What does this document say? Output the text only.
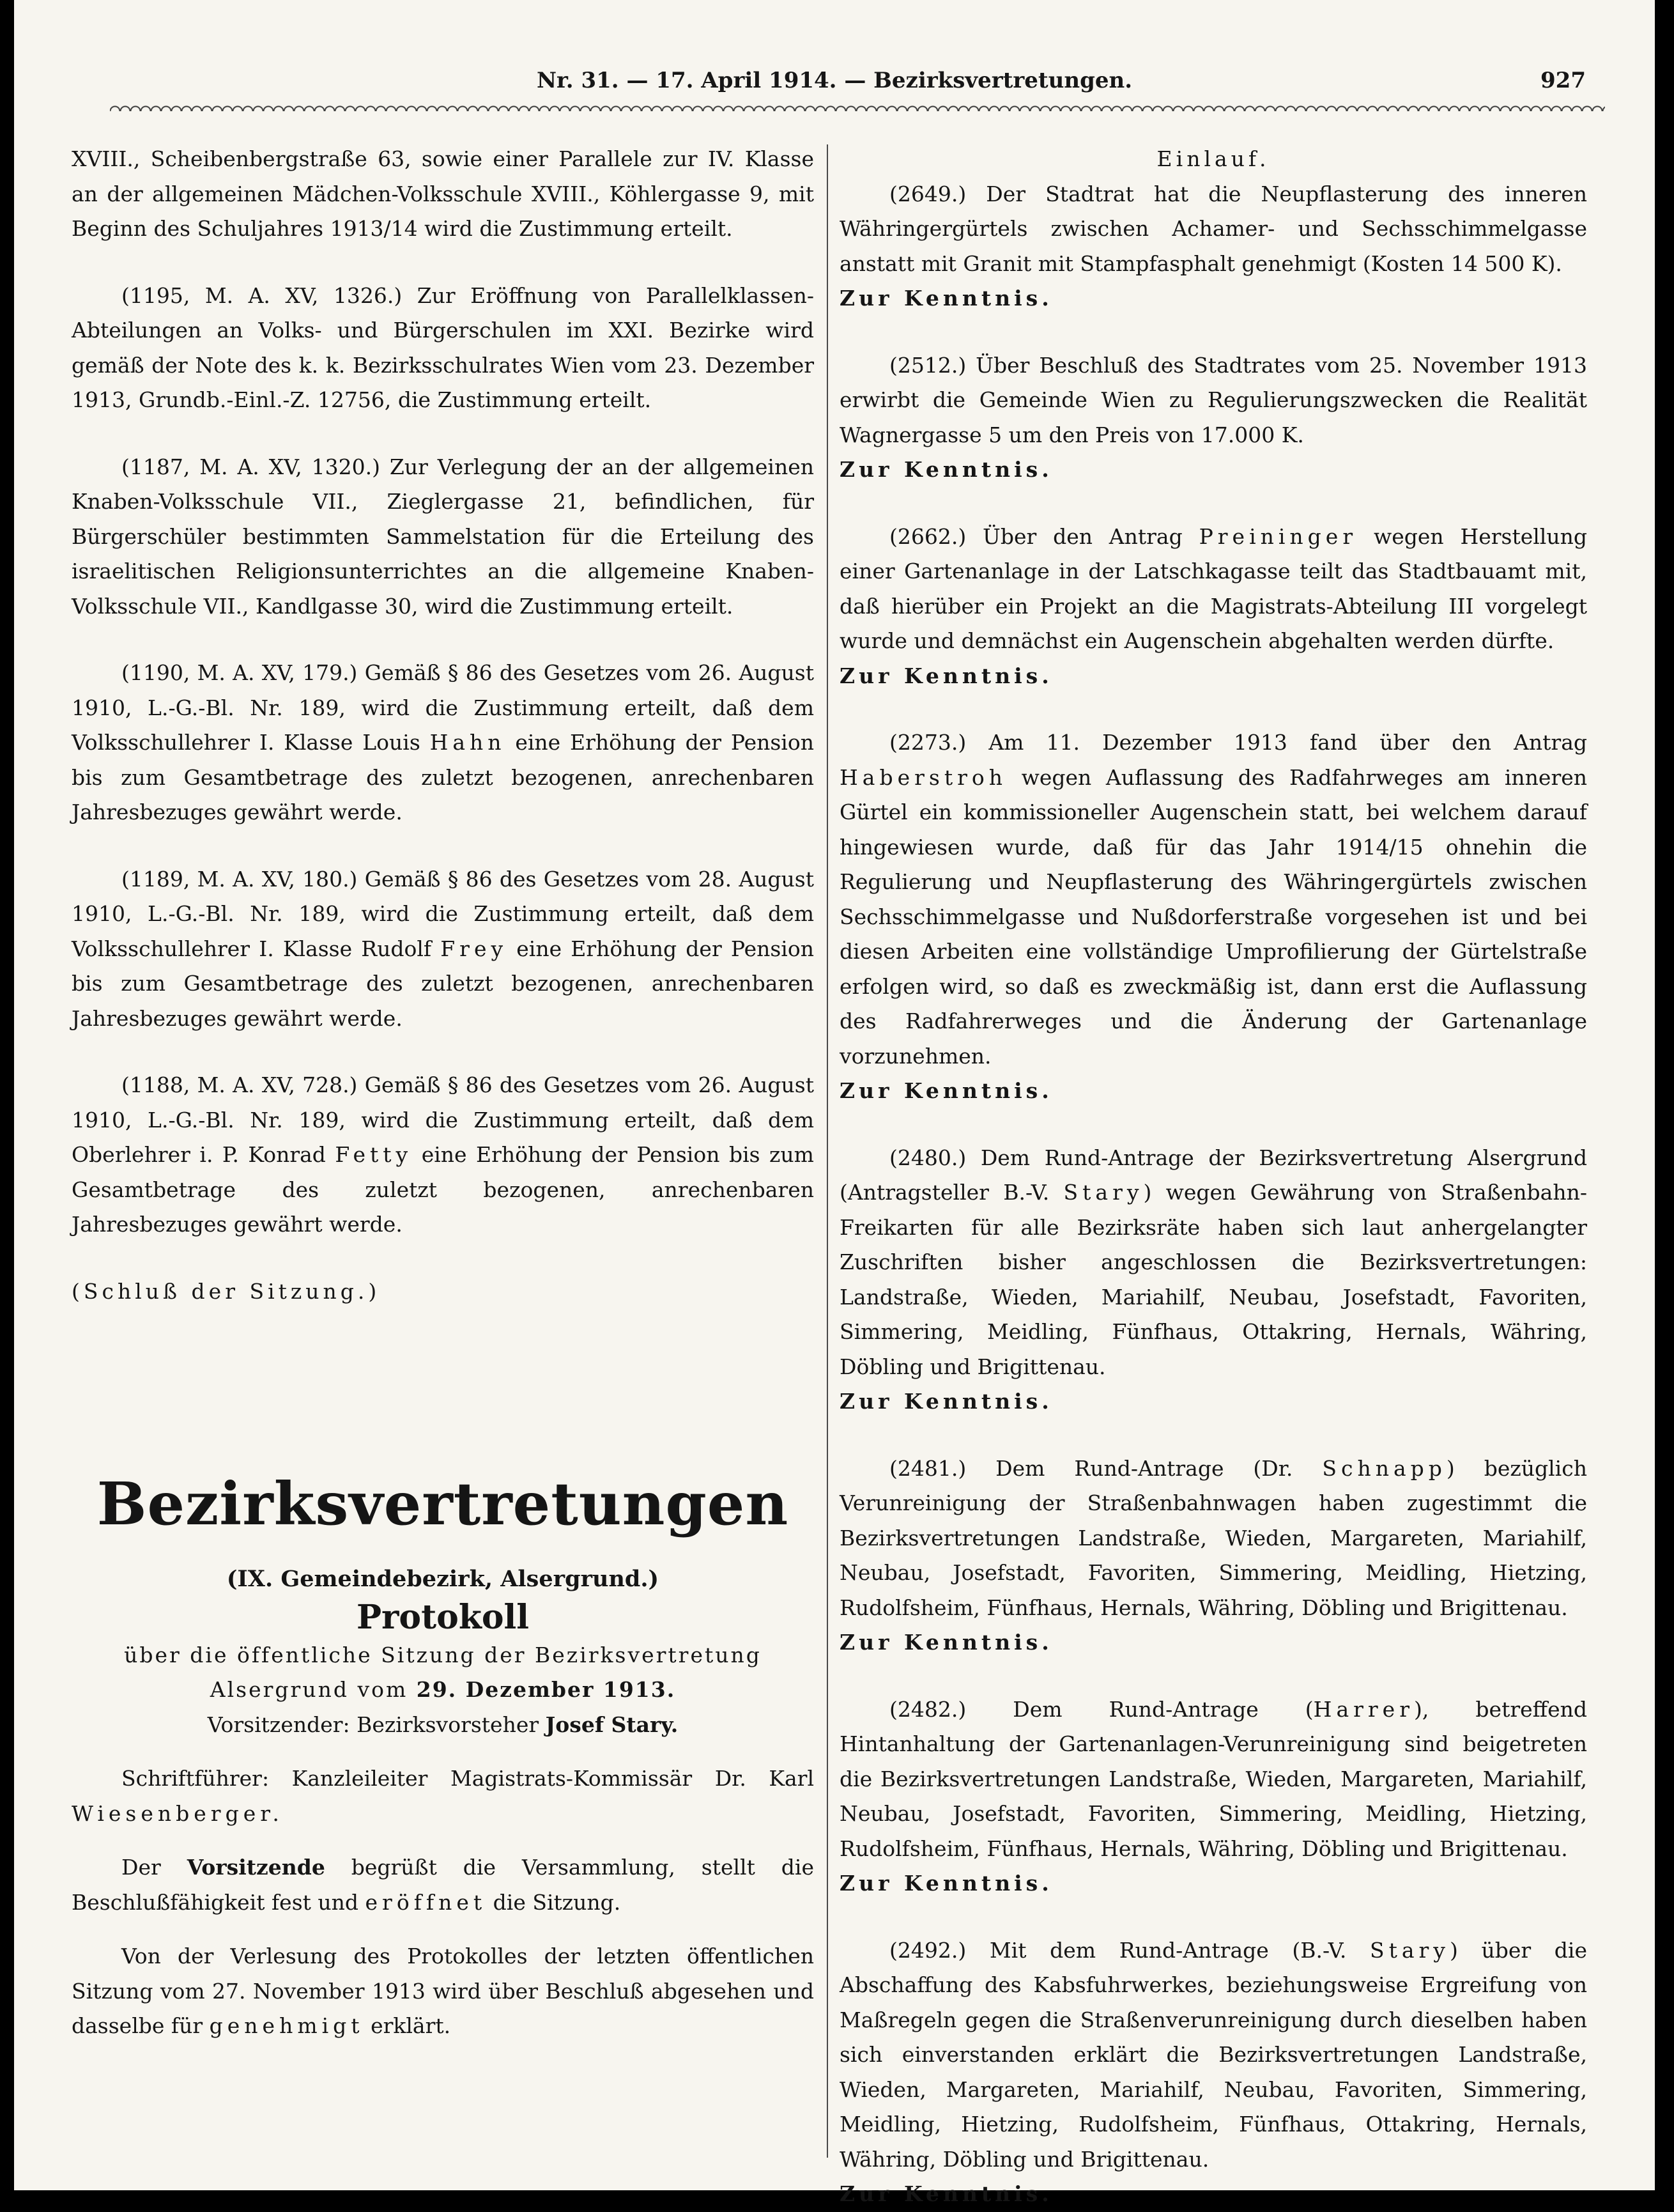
Nr. 31. — 17. April 1914. — Bezirksvertretungen.	927

XVIII., Scheibenbergstraße 63, sowie einer Parallele zur IV. Klasse an der allgemeinen Mädchen-Volksschule XVIII., Köhlergasse 9, mit Beginn des Schuljahres 1913/14 wird die Zustimmung erteilt.

(1195, M. A. XV, 1326.) Zur Eröffnung von Parallelklassen-Abteilungen an Volks- und Bürgerschulen im XXI. Bezirke wird gemäß der Note des k. k. Bezirksschulrates Wien vom 23. Dezember 1913, Grundb.-Einl.-Z. 12756, die Zustimmung erteilt.

(1187, M. A. XV, 1320.) Zur Verlegung der an der allgemeinen Knaben-Volksschule VII., Zieglergasse 21, befindlichen, für Bürgerschüler bestimmten Sammelstation für die Erteilung des israelitischen Religionsunterrichtes an die allgemeine Knaben-Volksschule VII., Kandlgasse 30, wird die Zustimmung erteilt.

(1190, M. A. XV, 179.) Gemäß § 86 des Gesetzes vom 26. August 1910, L.-G.-Bl. Nr. 189, wird die Zustimmung erteilt, daß dem Volksschullehrer I. Klasse Louis Hahn eine Erhöhung der Pension bis zum Gesamtbetrage des zuletzt bezogenen, anrechenbaren Jahresbezuges gewährt werde.

(1189, M. A. XV, 180.) Gemäß § 86 des Gesetzes vom 28. August 1910, L.-G.-Bl. Nr. 189, wird die Zustimmung erteilt, daß dem Volksschullehrer I. Klasse Rudolf Frey eine Erhöhung der Pension bis zum Gesamtbetrage des zuletzt bezogenen, anrechenbaren Jahresbezuges gewährt werde.

(1188, M. A. XV, 728.) Gemäß § 86 des Gesetzes vom 26. August 1910, L.-G.-Bl. Nr. 189, wird die Zustimmung erteilt, daß dem Oberlehrer i. P. Konrad Fetty eine Erhöhung der Pension bis zum Gesamtbetrage des zuletzt bezogenen, anrechenbaren Jahresbezuges gewährt werde.

(Schluß der Sitzung.)

Bezirksvertretungen
(IX. Gemeindebezirk, Alsergrund.)
Protokoll

über die öffentliche Sitzung der Bezirksvertretung

Alsergrund vom 29. Dezember 1913.

Vorsitzender: Bezirksvorsteher Josef Stary.

Schriftführer: Kanzleileiter Magistrats-Kommissär Dr. Karl Wiesenberger.

Der Vorsitzende begrüßt die Versammlung, stellt die Beschlußfähigkeit fest und eröffnet die Sitzung.

Von der Verlesung des Protokolles der letzten öffentlichen Sitzung vom 27. November 1913 wird über Beschluß abgesehen und dasselbe für genehmigt erklärt.

Einlauf.

(2649.) Der Stadtrat hat die Neupflasterung des inneren Währingergürtels zwischen Achamer- und Sechsschimmelgasse anstatt mit Granit mit Stampfasphalt genehmigt (Kosten 14 500 K).

Zur Kenntnis.

(2512.) Über Beschluß des Stadtrates vom 25. November 1913 erwirbt die Gemeinde Wien zu Regulierungszwecken die Realität Wagnergasse 5 um den Preis von 17.000 K.

Zur Kenntnis.

(2662.) Über den Antrag Preininger wegen Herstellung einer Gartenanlage in der Latschkagasse teilt das Stadtbauamt mit, daß hierüber ein Projekt an die Magistrats-Abteilung III vorgelegt wurde und demnächst ein Augenschein abgehalten werden dürfte.

Zur Kenntnis.

(2273.) Am 11. Dezember 1913 fand über den Antrag Haberstroh wegen Auflassung des Radfahrweges am inneren Gürtel ein kommissioneller Augenschein statt, bei welchem darauf hingewiesen wurde, daß für das Jahr 1914/15 ohnehin die Regulierung und Neupflasterung des Währingergürtels zwischen Sechsschimmelgasse und Nußdorferstraße vorgesehen ist und bei diesen Arbeiten eine vollständige Umprofilierung der Gürtelstraße erfolgen wird, so daß es zweckmäßig ist, dann erst die Auflassung des Radfahrerweges und die Änderung der Gartenanlage vorzunehmen.

Zur Kenntnis.

(2480.) Dem Rund-Antrage der Bezirksvertretung Alsergrund (Antragsteller B.-V. Stary) wegen Gewährung von Straßenbahn-Freikarten für alle Bezirksräte haben sich laut anhergelangter Zuschriften bisher angeschlossen die Bezirksvertretungen: Landstraße, Wieden, Mariahilf, Neubau, Josefstadt, Favoriten, Simmering, Meidling, Fünfhaus, Ottakring, Hernals, Währing, Döbling und Brigittenau.

Zur Kenntnis.

(2481.) Dem Rund-Antrage (Dr. Schnapp) bezüglich Verunreinigung der Straßenbahnwagen haben zugestimmt die Bezirksvertretungen Landstraße, Wieden, Margareten, Mariahilf, Neubau, Josefstadt, Favoriten, Simmering, Meidling, Hietzing, Rudolfsheim, Fünfhaus, Hernals, Währing, Döbling und Brigittenau.

Zur Kenntnis.

(2482.) Dem Rund-Antrage (Harrer), betreffend Hintanhaltung der Gartenanlagen-Verunreinigung sind beigetreten die Bezirksvertretungen Landstraße, Wieden, Margareten, Mariahilf, Neubau, Josefstadt, Favoriten, Simmering, Meidling, Hietzing, Rudolfsheim, Fünfhaus, Hernals, Währing, Döbling und Brigittenau.

Zur Kenntnis.

(2492.) Mit dem Rund-Antrage (B.-V. Stary) über die Abschaffung des Kabsfuhrwerkes, beziehungsweise Ergreifung von Maßregeln gegen die Straßenverunreinigung durch dieselben haben sich einverstanden erklärt die Bezirksvertretungen Landstraße, Wieden, Margareten, Mariahilf, Neubau, Favoriten, Simmering, Meidling, Hietzing, Rudolfsheim, Fünfhaus, Ottakring, Hernals, Währing, Döbling und Brigittenau.

Zur Kenntnis.
